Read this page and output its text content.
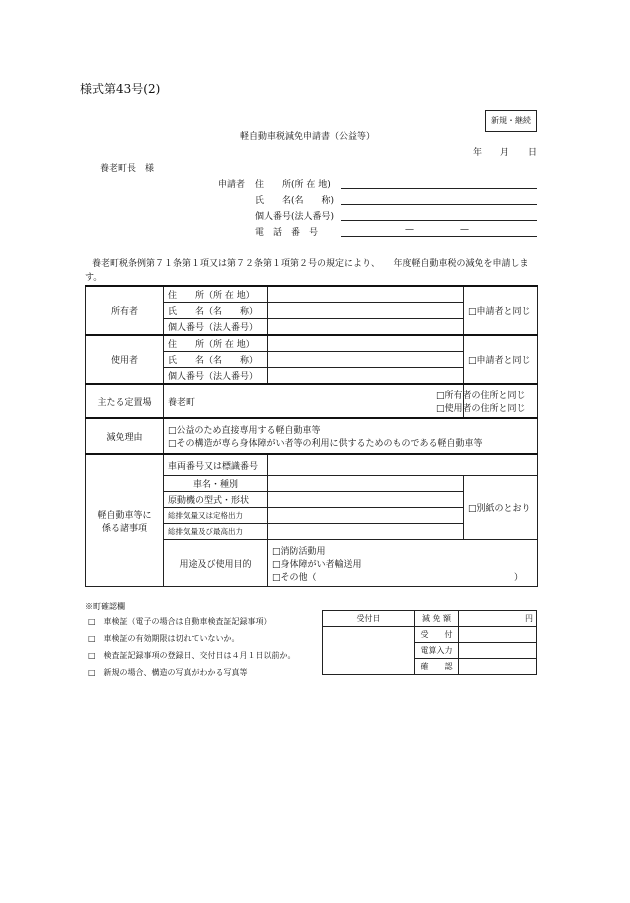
様式第43号(2)
新規・継続
軽自動車税減免申請書（公益等）
年 月 日
養老町長　様
申請者 住　　所(所 在 地)
氏　　名(名　　称)
個人番号(法人番号)
電　話　番　号	—	—
養老町税条例第７１条第１項又は第７２条第１項第２号の規定により、　　年度軽自動車税の減免を申請しま
す。
所有者	住　　所（所 在 地）		□申請者と同じ
	氏　　名（名　　称）		
	個人番号（法人番号）		
使用者	住　　所（所 在 地）		□申請者と同じ
	氏　　名（名　　称）		
	個人番号（法人番号）		
主たる定置場	養老町		□所有者の住所と同じ
□使用者の住所と同じ

減免理由	□公益のため直接専用する軽自動車等
□その構造が専ら身体障がい者等の利用に供するためのものである軽自動車等		

軽自動車等に
係る諸事項	車両番号又は標識番号		
	車名・種別		□別紙のとおり
	原動機の型式・形状		
	総排気量又は定格出力		
	総排気量及び最高出力		
	用途及び使用目的	□消防活動用
□身体障がい者輸送用
□その他（ ）	
※町確認欄
□　車検証（電子の場合は自動車検査証記録事項）
□　車検証の有効期限は切れていないか。
□　検査証記録事項の登録日、交付日は４月１日以前か。
□　新規の場合、構造の写真がわかる写真等
受付日	減 免 額	円

	受　　付	
	電算入力	
	確　　認	
